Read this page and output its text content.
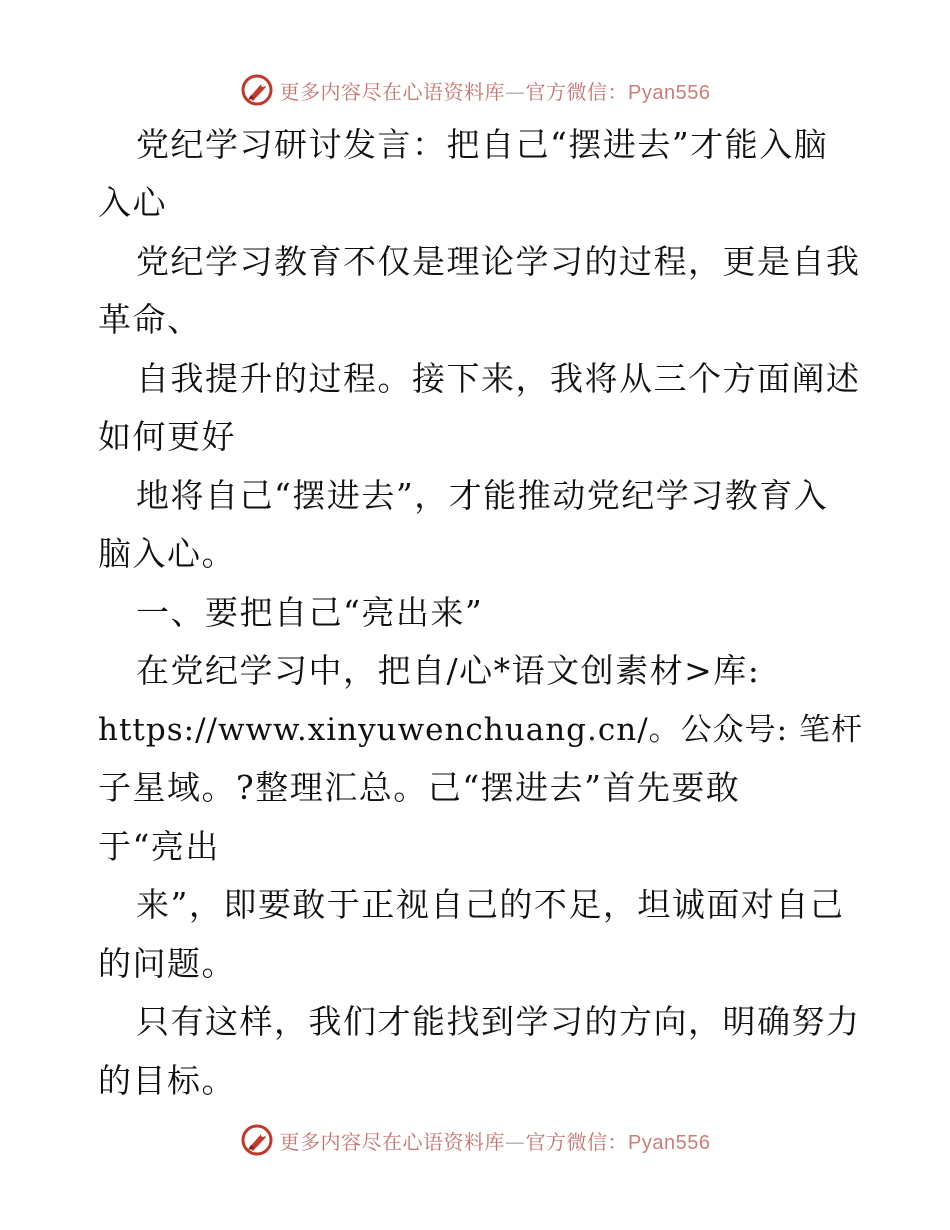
更多内容尽在心语资料库—官方微信：Pyan556
党纪学习研讨发言：把自己“摆进去”才能入脑
入心
党纪学习教育不仅是理论学习的过程，更是自我
革命、
自我提升的过程。接下来，我将从三个方面阐述
如何更好
地将自己“摆进去”，才能推动党纪学习教育入
脑入心。
一、要把自己“亮出来”
在党纪学习中，把自/心*语文创素材>库:
https://www.xinyuwenchuang.cn/。公众号: 笔杆
子星域。?整理汇总。己“摆进去”首先要敢
于“亮出
来”，即要敢于正视自己的不足，坦诚面对自己
的问题。
只有这样，我们才能找到学习的方向，明确努力
的目标。
更多内容尽在心语资料库—官方微信：Pyan556
